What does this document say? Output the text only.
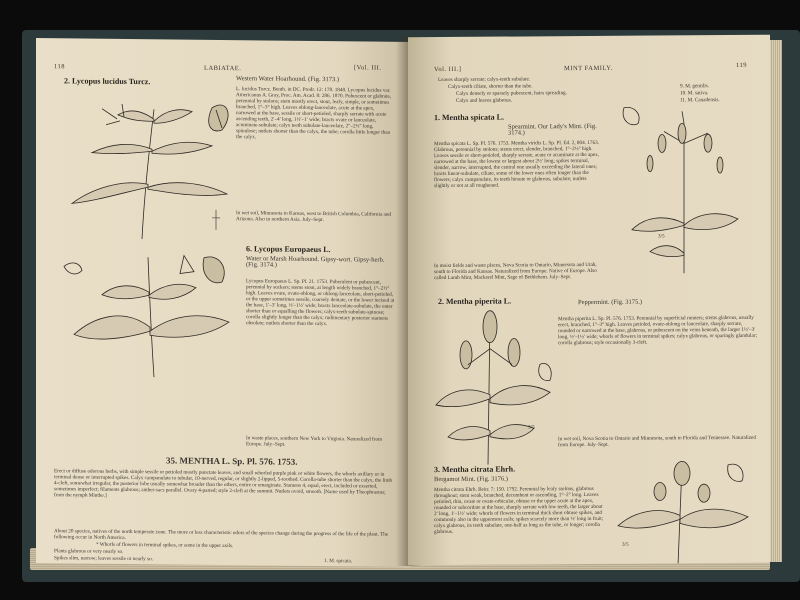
118	LABIATAE.	[Vol. III.
2. Lycopus lucidus Turcz.	Western Water Hoarhound. (Fig. 3173.)
L. lucidus Turcz. Benth. in DC. Prodr. 12: 178. 1848. Lycopus lucidus var. Americanus A. Gray, Proc. Am. Acad. 8: 286. 1870. Pubescent or glabrate, perennial by stolons; stem mostly erect, stout, leafy, simple, or sometimes branched, 1°–3° high. Leaves oblong-lanceolate, acute at the apex, narrowed at the base, sessile or short-petioled, sharply serrate with acute ascending teeth, 2′–4′ long, 1½′–1′ wide; bracts ovate or lanceolate, acuminate-subulate; calyx teeth subulate-lanceolate, 2″–2½″ long, spinulose; nutlets shorter than the calyx, the tube; corolla little longer than the calyx.
In wet soil, Minnesota to Kansas, west to British Columbia, California and Arizona. Also in northern Asia. July–Sept.
6. Lycopus Europaeus L.
Water or Marsh Hoarhound. Gipsy-wort. Gipsy-herb. (Fig. 3174.)
Lycopus Europaeus L. Sp. Pl. 21. 1753. Puberulent or pubescent, perennial by suckers; stems stout, at length widely branched, 1°–2½° high. Leaves ovate, ovate-oblong, or oblong-lanceolate, short-petioled, or the upper sometimes sessile, coarsely dentate, or the lower incised at the base, 1′–3′ long, ½′–1½′ wide; bracts lanceolate-subulate, the outer shorter than or equalling the flowers; calyx-teeth subulate-spinose; corolla slightly longer than the calyx; rudimentary posterior stamens obsolete; nutlets shorter than the calyx.
In waste places, southern New York to Virginia. Naturalized from Europe. July–Sept.
35. MENTHA L. Sp. Pl. 576. 1753.
Erect or diffuse odorous herbs, with simple sessile or petioled mostly punctate leaves, and small whorled purple pink or white flowers, the whorls axillary or in terminal dense or interrupted spikes. Calyx campanulate to tubular, 10-nerved, regular, or slightly 2-lipped, 5-toothed. Corolla-tube shorter than the calyx, the limb 4-cleft, somewhat irregular, the posterior lobe usually somewhat broader than the others, entire or emarginate. Stamens 4, equal, erect, included or exserted, sometimes imperfect; filaments glabrous; anther-sacs parallel. Ovary 4-parted; style 2-cleft at the summit. Nutlets ovoid, smooth. [Name used by Theophrastus; from the nymph Minthe.]
About 20 species, natives of the north temperate zone. The more or less characteristic odors of the species change during the progress of the life of the plant. The following occur in North America.
* Whorls of flowers in terminal spikes, or some in the upper axils.
Plants glabrous or very nearly so.
Spikes slim, narrow; leaves sessile or nearly so.	1. M. spicata.
Vol. III.]	MINT FAMILY.	119
Leaves sharply serrate; calyx-teeth subulate.
Calyx-teeth ciliate, shorter than the tube.
Calyx densely or sparsely pubescent, hairs spreading.
Calyx and leaves glabrous.
9. M. gentilis.
10. M. sativa.
11. M. Canadensis.
1. Mentha spicata L.
Spearmint. Our Lady's Mint. (Fig. 3174.)
Mentha spicata L. Sp. Pl. 576. 1753. Mentha viridis L. Sp. Pl. Ed. 2, 804. 1763. Glabrous, perennial by stolons; stems erect, slender, branched, 1°–2½° high. Leaves sessile or short-petioled, sharply serrate, acute or acuminate at the apex, narrowed at the base, the lowest or largest about 2½′ long; spikes terminal, slender, narrow, interrupted, the central one usually exceeding the lateral ones; bracts linear-subulate, ciliate, some of the lower ones often longer than the flowers; calyx campanulate, its teeth hirsute or glabrous, subulate; nutlets slightly or not at all roughened.
In moist fields and waste places, Nova Scotia to Ontario, Minnesota and Utah, south to Florida and Kansas. Naturalized from Europe. Native of Europe. Also called Lamb Mint, Mackerel Mint, Sage of Bethlehem. July–Sept.
2. Mentha piperita L.	Peppermint. (Fig. 3175.)
Mentha piperita L. Sp. Pl. 576. 1753. Perennial by superficial runners; stems glabrous, usually erect, branched, 1°–3° high. Leaves petioled, ovate-oblong or lanceolate, sharply serrate, rounded or narrowed at the base, glabrous, or pubescent on the veins beneath, the larger 1½′–3′ long, ½′–1½′ wide; whorls of flowers in terminal spikes; calyx glabrous, or sparingly glandular; corolla glabrous; style occasionally 3-cleft.
In wet soil, Nova Scotia to Ontario and Minnesota, south to Florida and Tennessee. Naturalized from Europe. July–Sept.
3. Mentha citrata Ehrh.
Bergamot Mint. (Fig. 3176.)
Mentha citrata Ehrh. Beitr. 7: 150. 1792. Perennial by leafy stolons, glabrous throughout; stem weak, branched, decumbent or ascending, 1°–2° long. Leaves petioled, thin, ovate or ovate-orbicular, obtuse or the upper acute at the apex, rounded or subcordate at the base, sharply serrate with low teeth, the larger about 2′ long, 1′–1½′ wide; whorls of flowers in terminal thick short obtuse spikes, and commonly also in the uppermost axils; spikes scarcely more than ½′ long in fruit; calyx glabrous, its teeth subulate, one-half as long as the tube, or longer; corolla glabrous.
3/5
3/5
3/5
